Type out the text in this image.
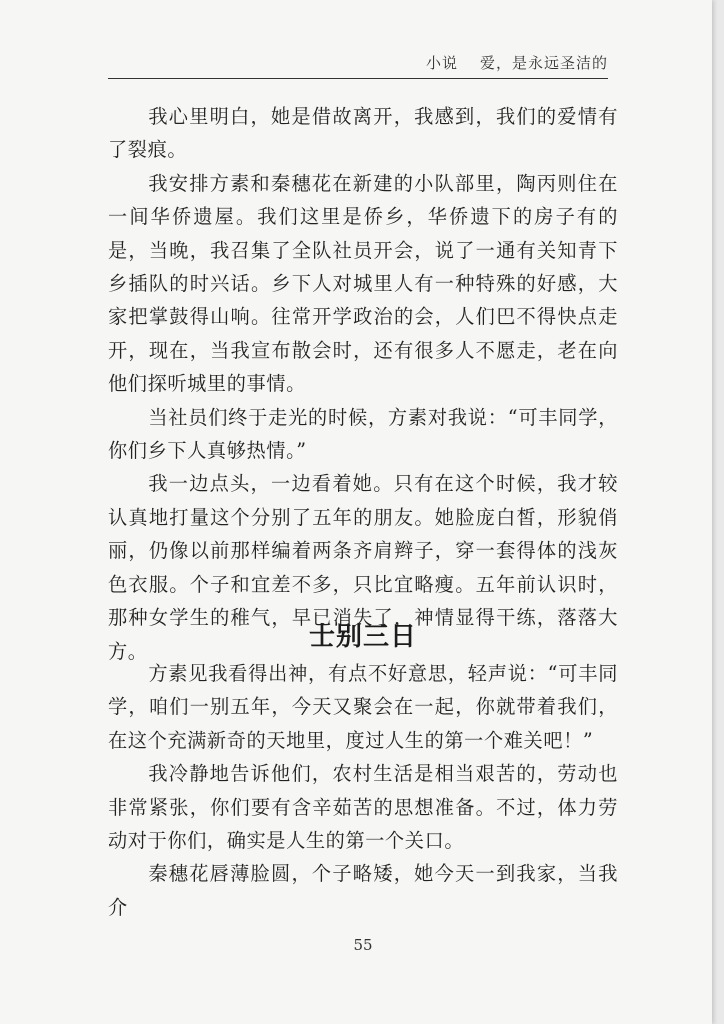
小说 爱，是永远圣洁的

我心里明白，她是借故离开，我感到，我们的爱情有了裂痕。

我安排方素和秦穗花在新建的小队部里，陶丙则住在一间华侨遗屋。我们这里是侨乡，华侨遗下的房子有的是，当晚，我召集了全队社员开会，说了一通有关知青下乡插队的时兴话。乡下人对城里人有一种特殊的好感，大家把掌鼓得山响。往常开学政治的会，人们巴不得快点走开，现在，当我宣布散会时，还有很多人不愿走，老在向他们探听城里的事情。

当社员们终于走光的时候，方素对我说：“可丰同学，你们乡下人真够热情。”

我一边点头，一边看着她。只有在这个时候，我才较认真地打量这个分别了五年的朋友。她脸庞白皙，形貌俏丽，仍像以前那样编着两条齐肩辫子，穿一套得体的浅灰色衣服。个子和宜差不多，只比宜略瘦。五年前认识时，那种女学生的稚气，早已消失了，神情显得干练，落落大方。	士别三日

方素见我看得出神，有点不好意思，轻声说：“可丰同学，咱们一别五年，今天又聚会在一起，你就带着我们，在这个充满新奇的天地里，度过人生的第一个难关吧！”

我冷静地告诉他们，农村生活是相当艰苦的，劳动也非常紧张，你们要有含辛茹苦的思想准备。不过，体力劳动对于你们，确实是人生的第一个关口。

秦穗花唇薄脸圆，个子略矮，她今天一到我家，当我介

55
